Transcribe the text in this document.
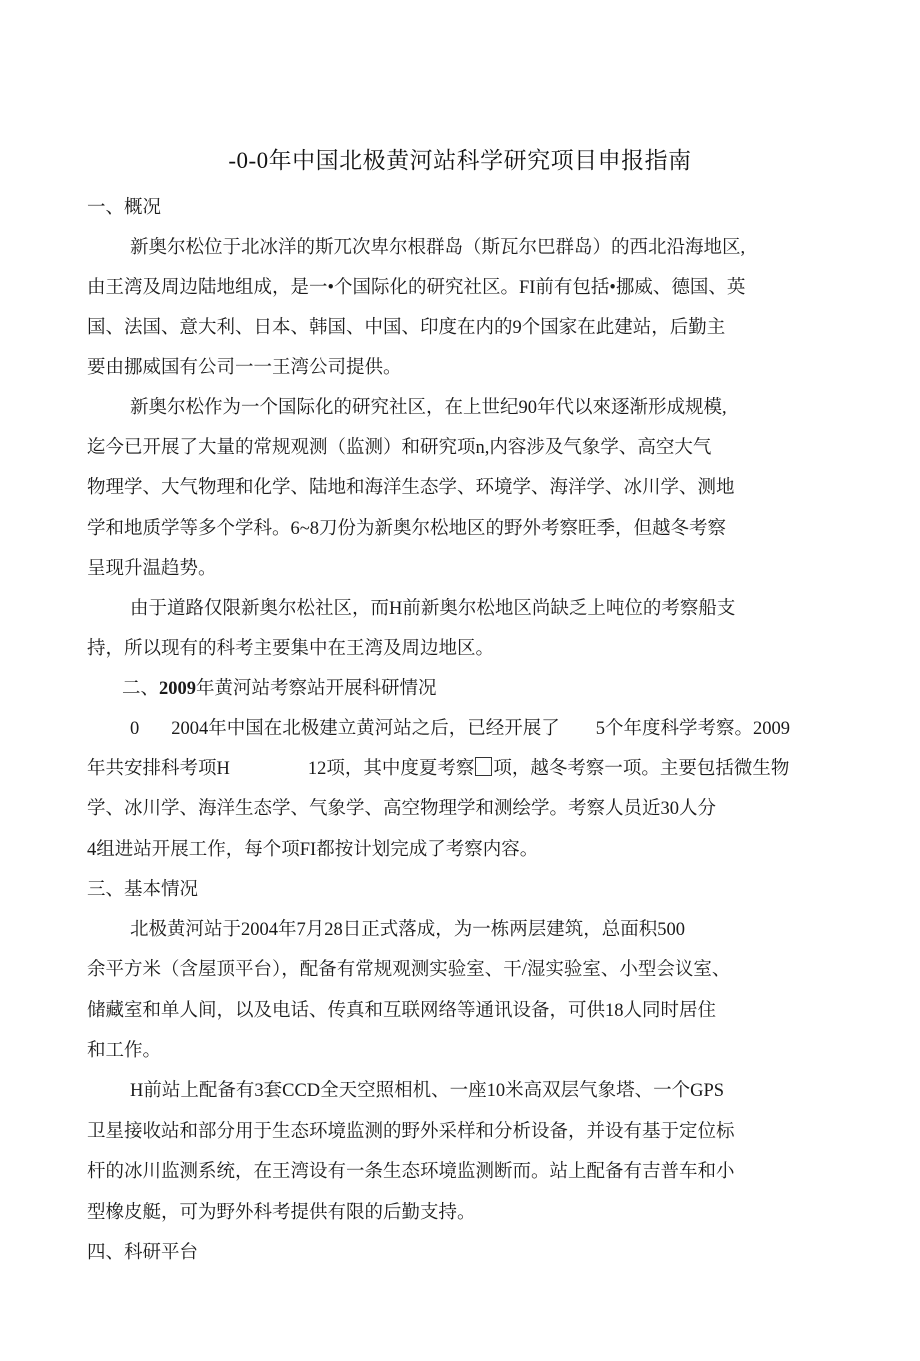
-0-0年中国北极黄河站科学研究项目申报指南
一、概况
新奥尔松位于北冰洋的斯兀次卑尔根群岛（斯瓦尔巴群岛）的西北沿海地区,
由王湾及周边陆地组成，是一•个国际化的研究社区。FI前有包括•挪威、德国、英
国、法国、意大利、日本、韩国、中国、印度在内的9个国家在此建站，后勤主
要由挪威国有公司一一王湾公司提供。
新奥尔松作为一个国际化的研究社区，在上世纪90年代以來逐渐形成规模,
迄今已开展了大量的常规观测（监测）和研究项n,内容涉及气象学、高空大气
物理学、大气物理和化学、陆地和海洋生态学、环境学、海洋学、冰川学、测地
学和地质学等多个学科。6~8刀份为新奥尔松地区的野外考察旺季，但越冬考察
呈现升温趋势。
由于道路仅限新奥尔松社区，而H前新奥尔松地区尚缺乏上吨位的考察船支
持，所以现有的科考主要集中在王湾及周边地区。
二、2009年黄河站考察站开展科研情况
0 2004年中国在北极建立黄河站之后，已经开展了 5个年度科学考察。2009
年共安排科考项H	12项，其中度夏考察 项，越冬考察一项。主要包括微生物
学、冰川学、海洋生态学、气象学、高空物理学和测绘学。考察人员近30人分
4组进站开展工作，每个项FI都按计划完成了考察内容。
三、基本情况
北极黄河站于2004年7月28日正式落成，为一栋两层建筑，总面积500
余平方米（含屋顶平台），配备有常规观测实验室、干/湿实验室、小型会议室、
储藏室和单人间，以及电话、传真和互联网络等通讯设备，可供18人同时居住
和工作。
H前站上配备有3套CCD全天空照相机、一座10米高双层气象塔、一个GPS
卫星接收站和部分用于生态环境监测的野外采样和分析设备，并设有基于定位标
杆的冰川监测系统，在王湾设有一条生态环境监测断而。站上配备有吉普车和小
型橡皮艇，可为野外科考提供有限的后勤支持。
四、科研平台
